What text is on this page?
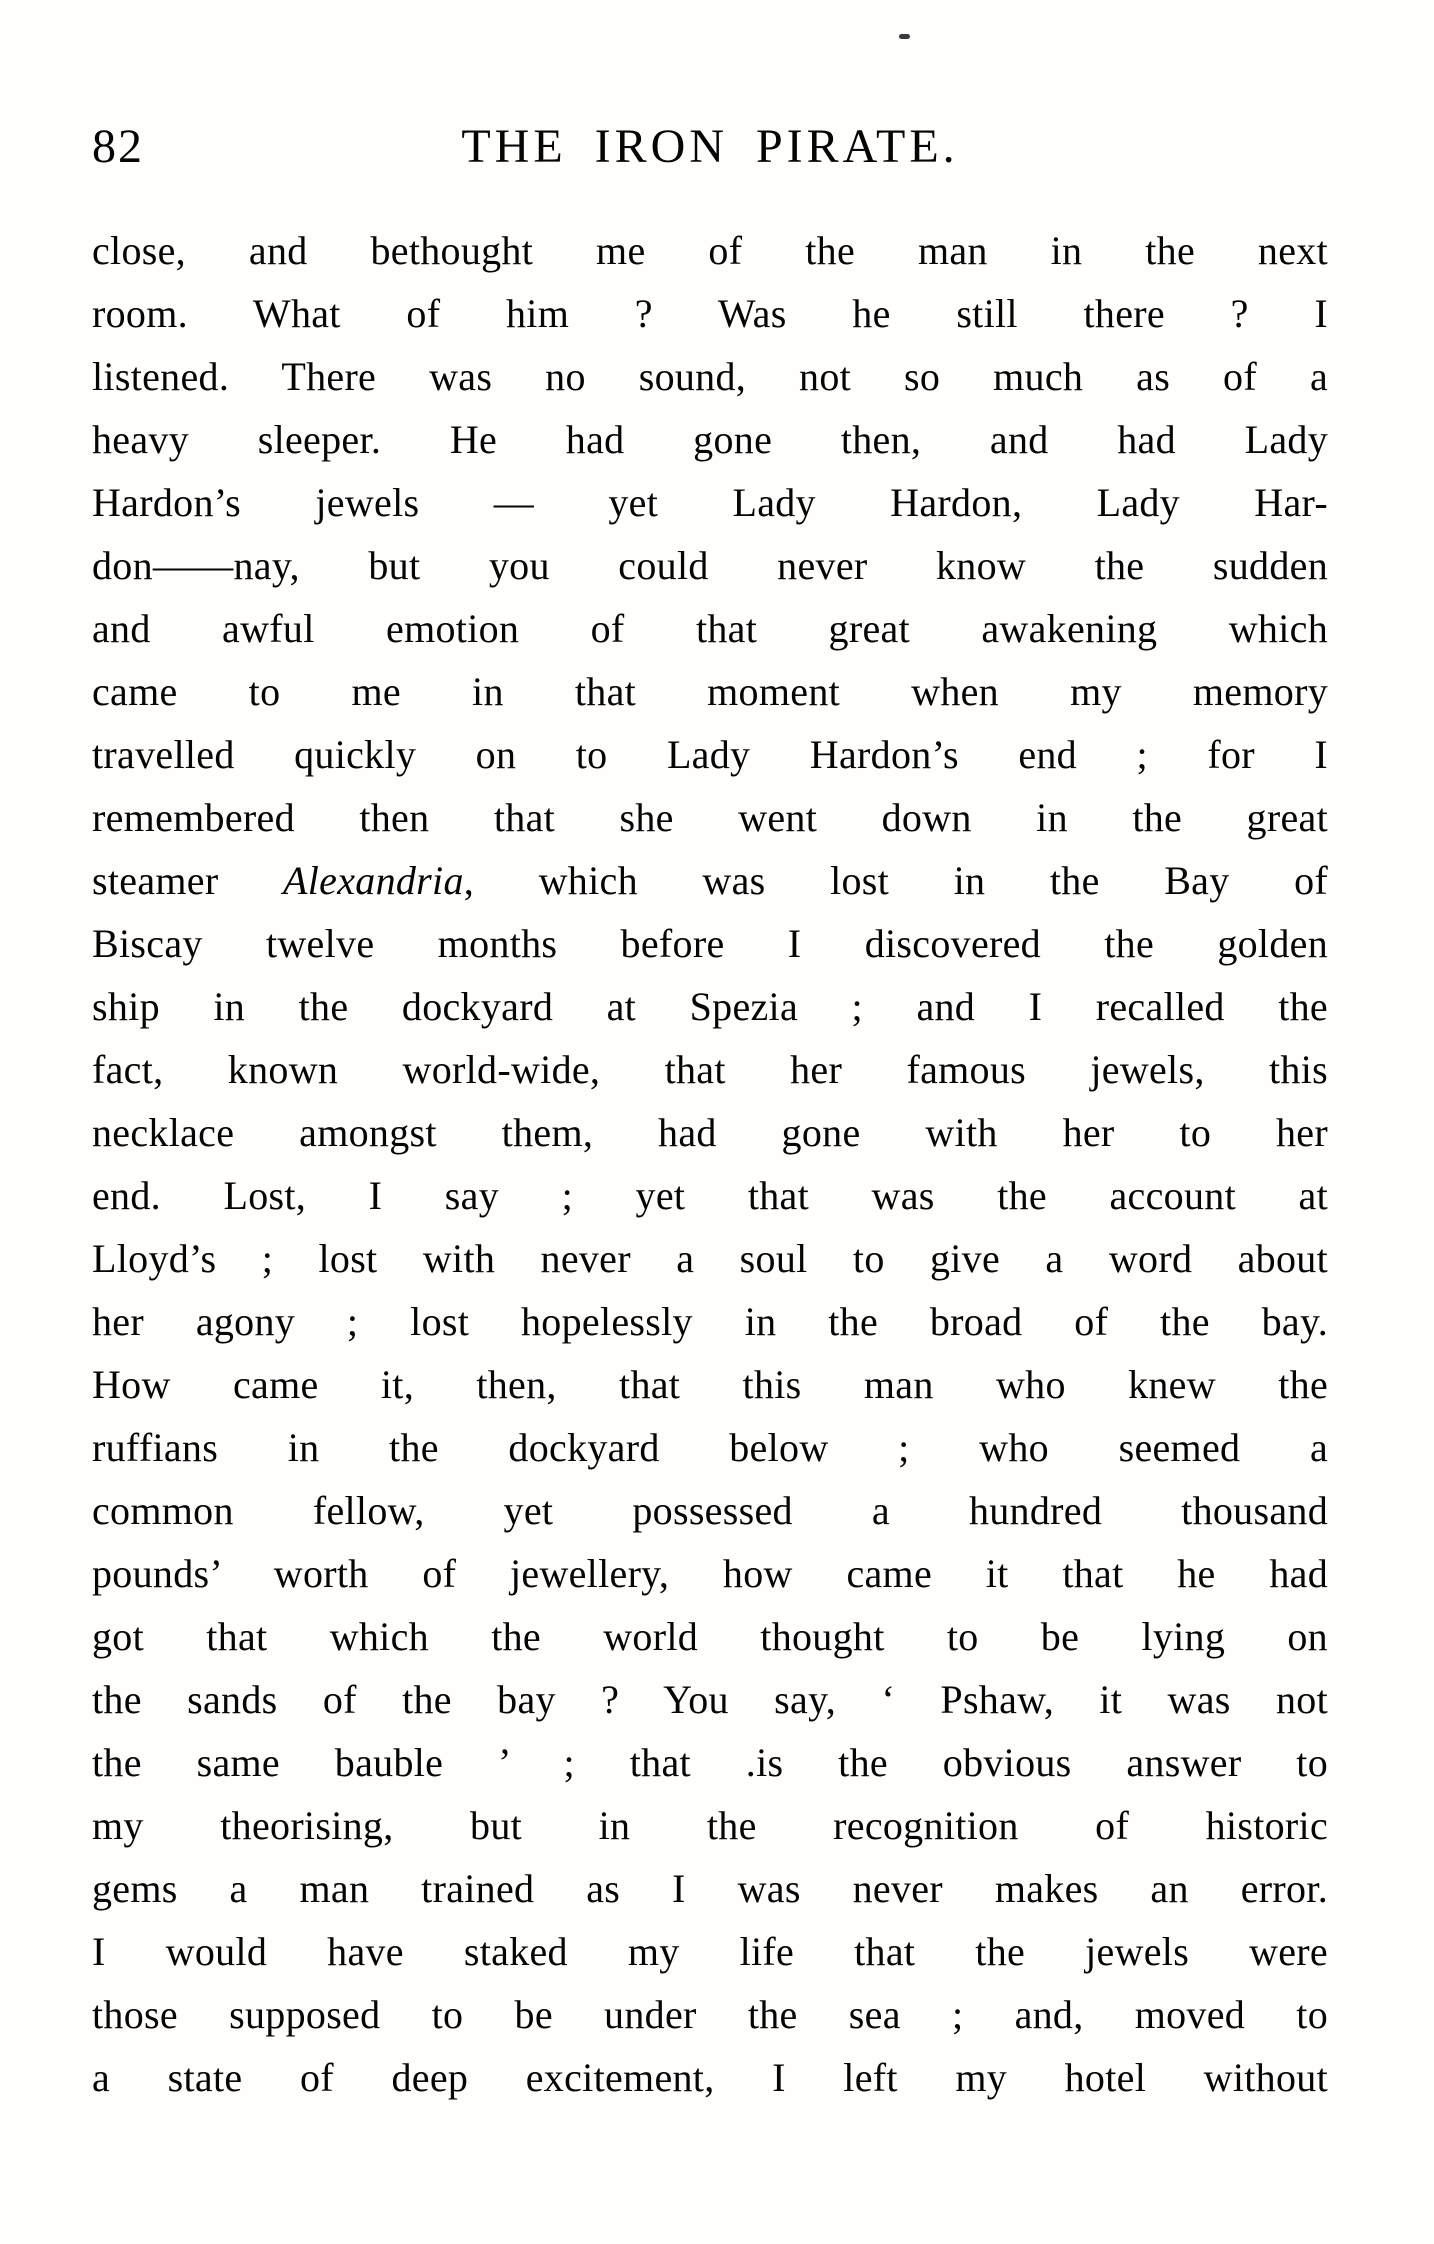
82	THE IRON PIRATE.
close, and bethought me of the man in the next
room. What of him ? Was he still there ? I
listened. There was no sound, not so much as of a
heavy sleeper. He had gone then, and had Lady
Hardon’s jewels — yet Lady Hardon, Lady Har-
don——nay, but you could never know the sudden
and awful emotion of that great awakening which
came to me in that moment when my memory
travelled quickly on to Lady Hardon’s end ; for I
remembered then that she went down in the great
steamer Alexandria, which was lost in the Bay of
Biscay twelve months before I discovered the golden
ship in the dockyard at Spezia ; and I recalled the
fact, known world-wide, that her famous jewels, this
necklace amongst them, had gone with her to her
end. Lost, I say ; yet that was the account at
Lloyd’s ; lost with never a soul to give a word about
her agony ; lost hopelessly in the broad of the bay.
How came it, then, that this man who knew the
ruffians in the dockyard below ; who seemed a
common fellow, yet possessed a hundred thousand
pounds’ worth of jewellery, how came it that he had
got that which the world thought to be lying on
the sands of the bay ? You say, ‘ Pshaw, it was not
the same bauble ’ ; that .is the obvious answer to
my theorising, but in the recognition of historic
gems a man trained as I was never makes an error.
I would have staked my life that the jewels were
those supposed to be under the sea ; and, moved to
a state of deep excitement, I left my hotel without
